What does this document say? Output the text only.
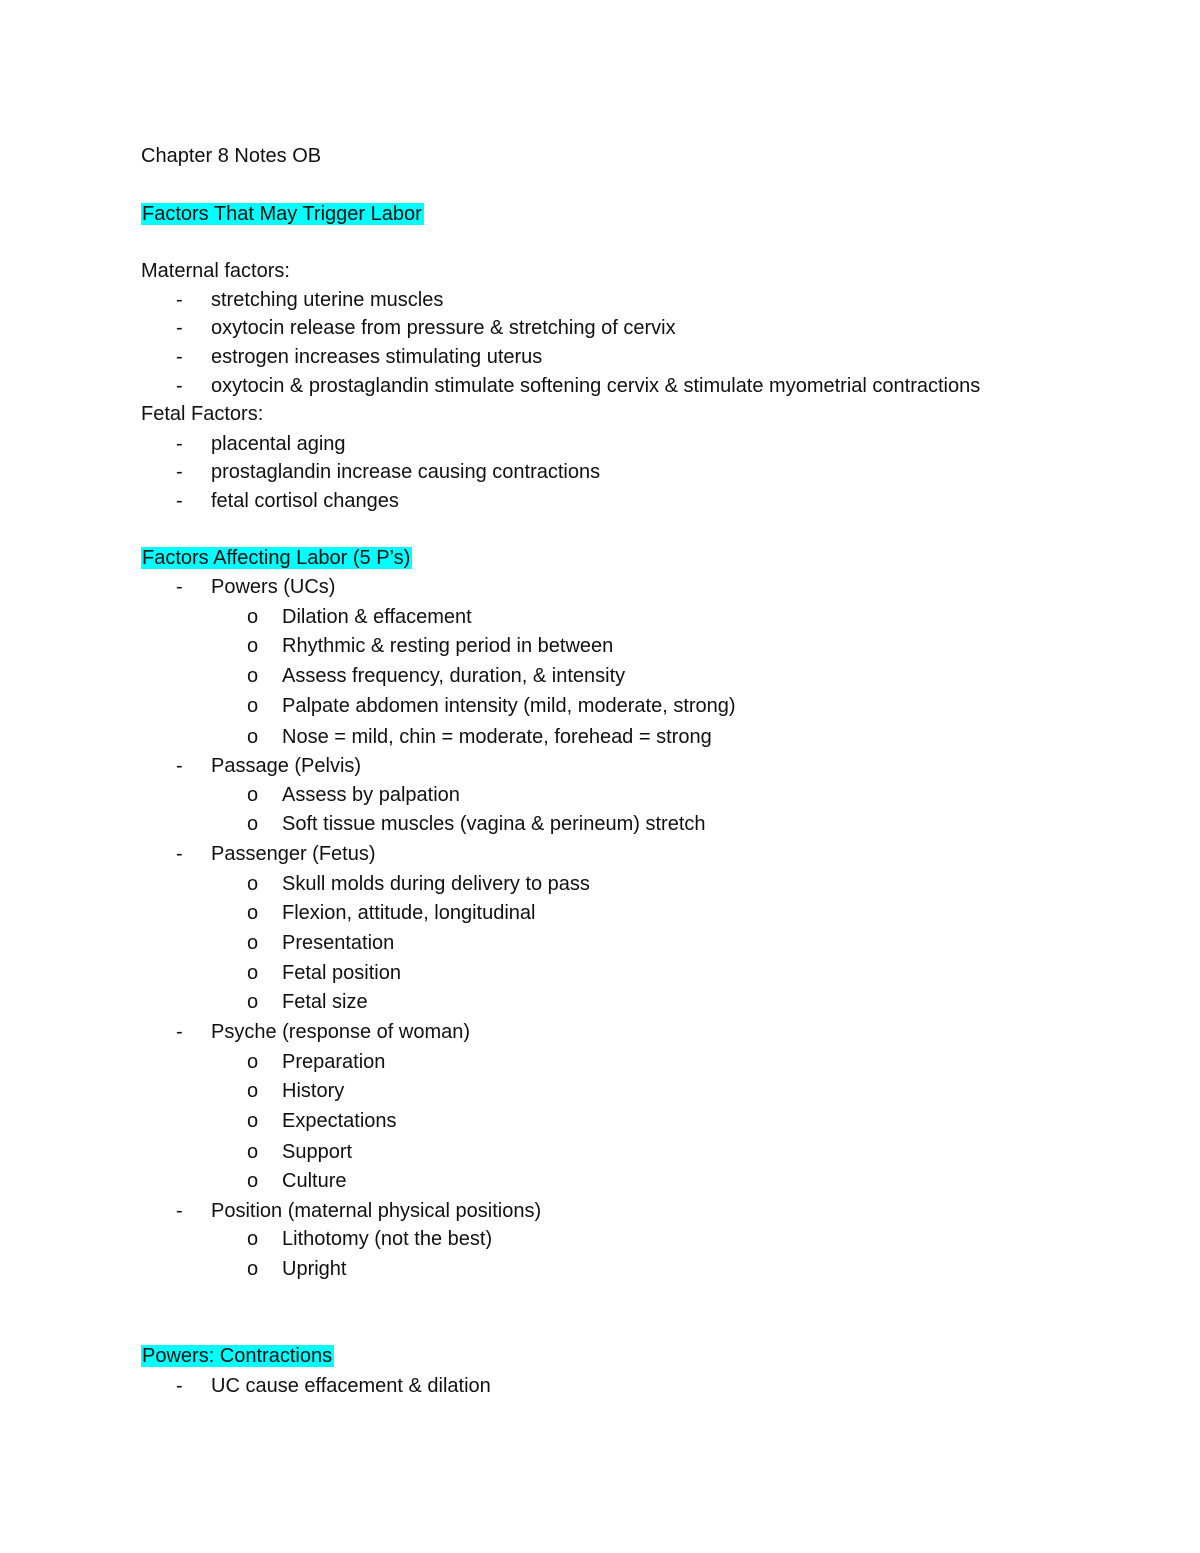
Chapter 8 Notes OB
Factors That May Trigger Labor
Maternal factors:
- stretching uterine muscles
- oxytocin release from pressure & stretching of cervix
- estrogen increases stimulating uterus
- oxytocin & prostaglandin stimulate softening cervix & stimulate myometrial contractions
Fetal Factors:
- placental aging
- prostaglandin increase causing contractions
- fetal cortisol changes
Factors Affecting Labor (5 P’s)
- Powers (UCs)
o Dilation & effacement
o Rhythmic & resting period in between
o Assess frequency, duration, & intensity
o Palpate abdomen intensity (mild, moderate, strong)
o Nose = mild, chin = moderate, forehead = strong
- Passage (Pelvis)
o Assess by palpation
o Soft tissue muscles (vagina & perineum) stretch
- Passenger (Fetus)
o Skull molds during delivery to pass
o Flexion, attitude, longitudinal
o Presentation
o Fetal position
o Fetal size
- Psyche (response of woman)
o Preparation
o History
o Expectations
o Support
o Culture
- Position (maternal physical positions)
o Lithotomy (not the best)
o Upright
Powers: Contractions
- UC cause effacement & dilation
